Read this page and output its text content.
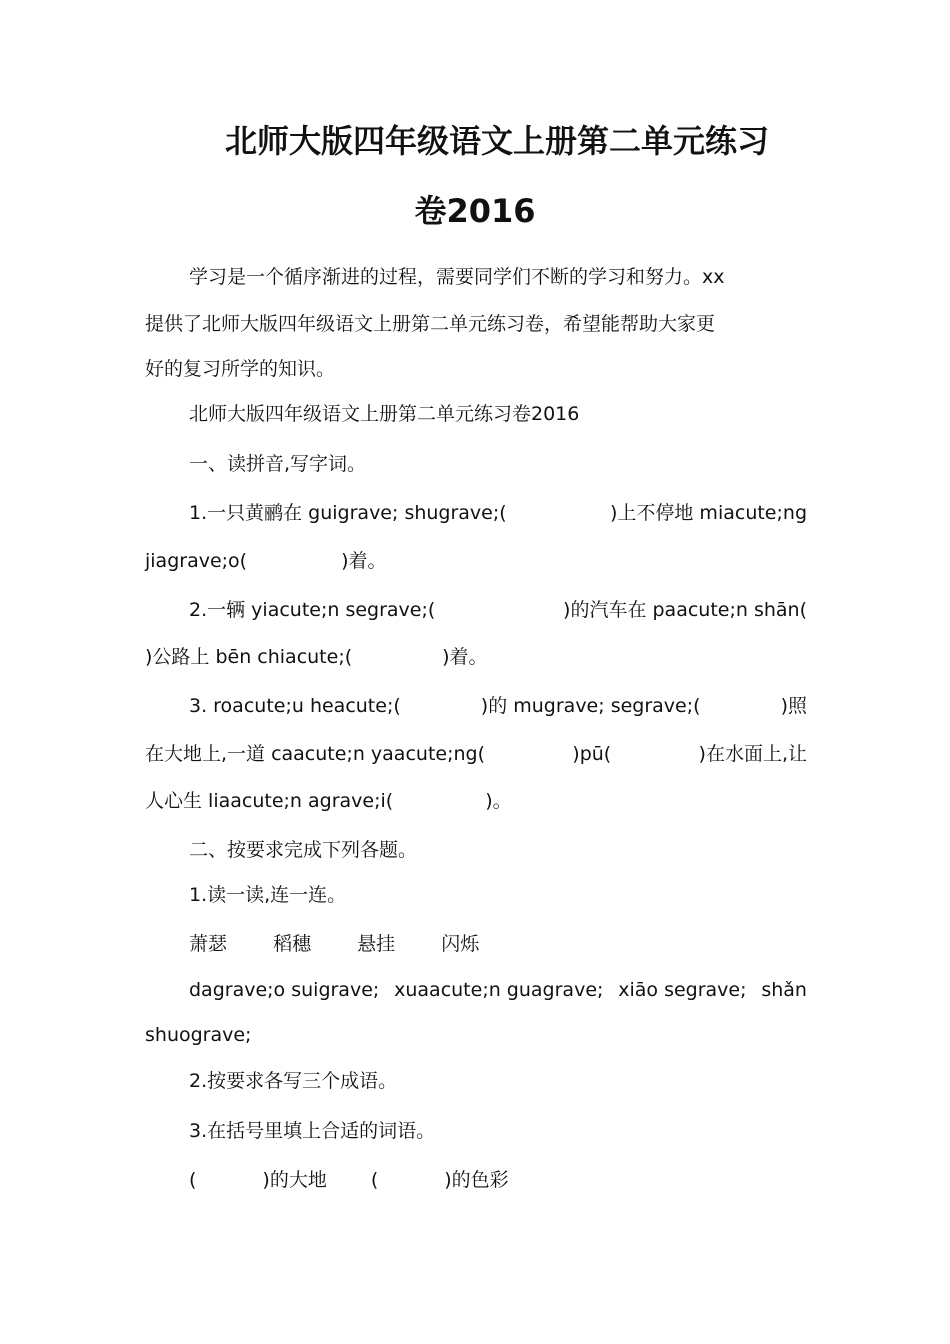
北师大版四年级语文上册第二单元练习
卷2016
学习是一个循序渐进的过程，需要同学们不断的学习和努力。xx
提供了北师大版四年级语文上册第二单元练习卷，希望能帮助大家更
好的复习所学的知识。
北师大版四年级语文上册第二单元练习卷2016
一、读拼音,写字词。
1.一只黄鹂在 guigrave; shugrave;(	)上不停地 miacute;ng
jiagrave;o(	)着。
2.一辆 yiacute;n segrave;(	)的汽车在 paacute;n shān(
)公路上 bēn chiacute;(	)着。
3. roacute;u heacute;(	)的 mugrave; segrave;(	)照
在大地上,一道 caacute;n yaacute;ng(	)pū(	)在水面上,让
人心生 liaacute;n agrave;i(	)。
二、按要求完成下列各题。
1.读一读,连一连。
萧瑟 稻穗 悬挂 闪烁
dagrave;o suigrave; xuaacute;n guagrave; xiāo segrave; shǎn
shuograve;
2.按要求各写三个成语。
3.在括号里填上合适的词语。
(	)的大地 (	)的色彩
